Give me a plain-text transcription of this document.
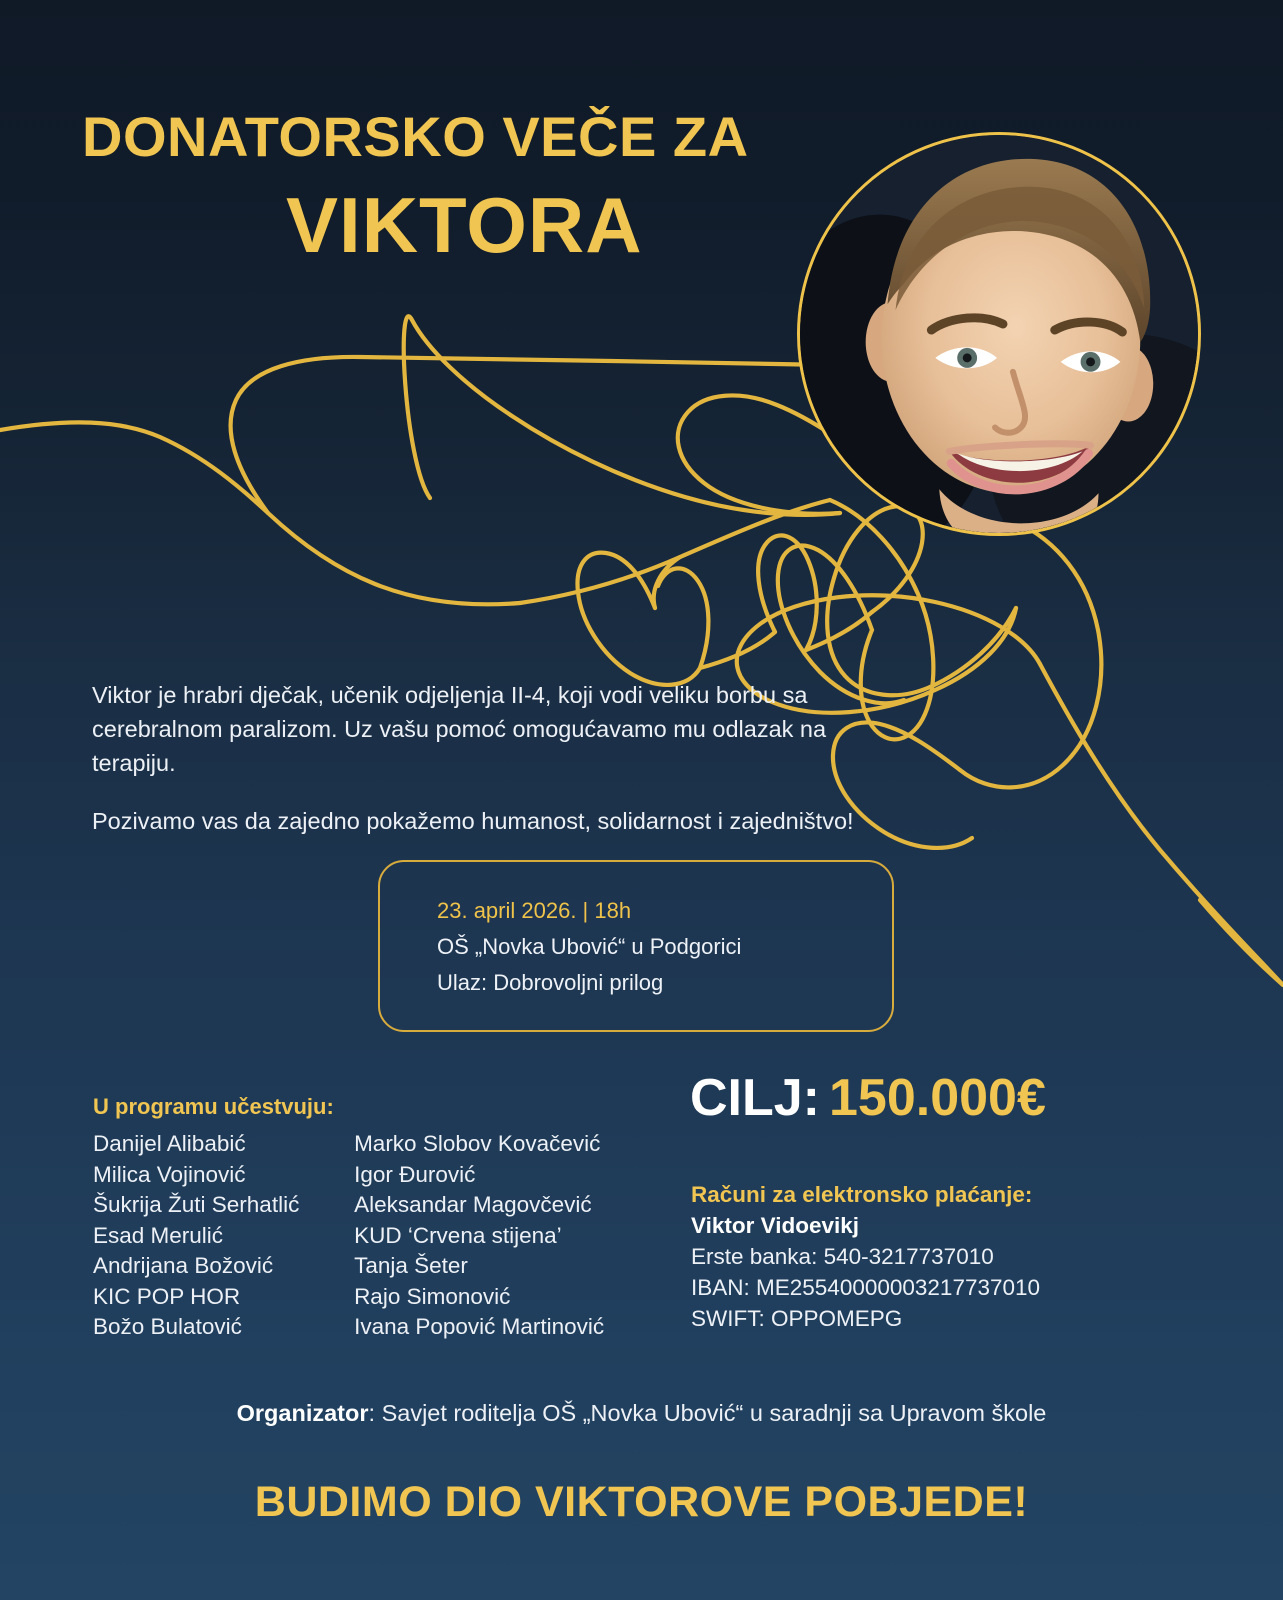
DONATORSKO VEČE ZA
VIKTORA

Viktor je hrabri dječak, učenik odjeljenja II-4, koji vodi veliku borbu sa cerebralnom paralizom. Uz vašu pomoć omogućavamo mu odlazak na terapiju.

Pozivamo vas da zajedno pokažemo humanost, solidarnost i zajedništvo!

23. april 2026. | 18h
OŠ „Novka Ubović“ u Podgorici
Ulaz: Dobrovoljni prilog
U programu učestvuju:
Danijel Alibabić
Milica Vojinović
Šukrija Žuti Serhatlić
Esad Merulić
Andrijana Božović
KIC POP HOR
Božo Bulatović
Marko Slobov Kovačević
Igor Đurović
Aleksandar Magovčević
KUD ‘Crvena stijena’
Tanja Šeter
Rajo Simonović
Ivana Popović Martinović
CILJ: 150.000€
Računi za elektronsko plaćanje:
Viktor Vidoevikj
Erste banka: 540-3217737010
IBAN: ME25540000003217737010
SWIFT: OPPOMEPG
Organizator: Savjet roditelja OŠ „Novka Ubović“ u saradnji sa Upravom škole
BUDIMO DIO VIKTOROVE POBJEDE!
